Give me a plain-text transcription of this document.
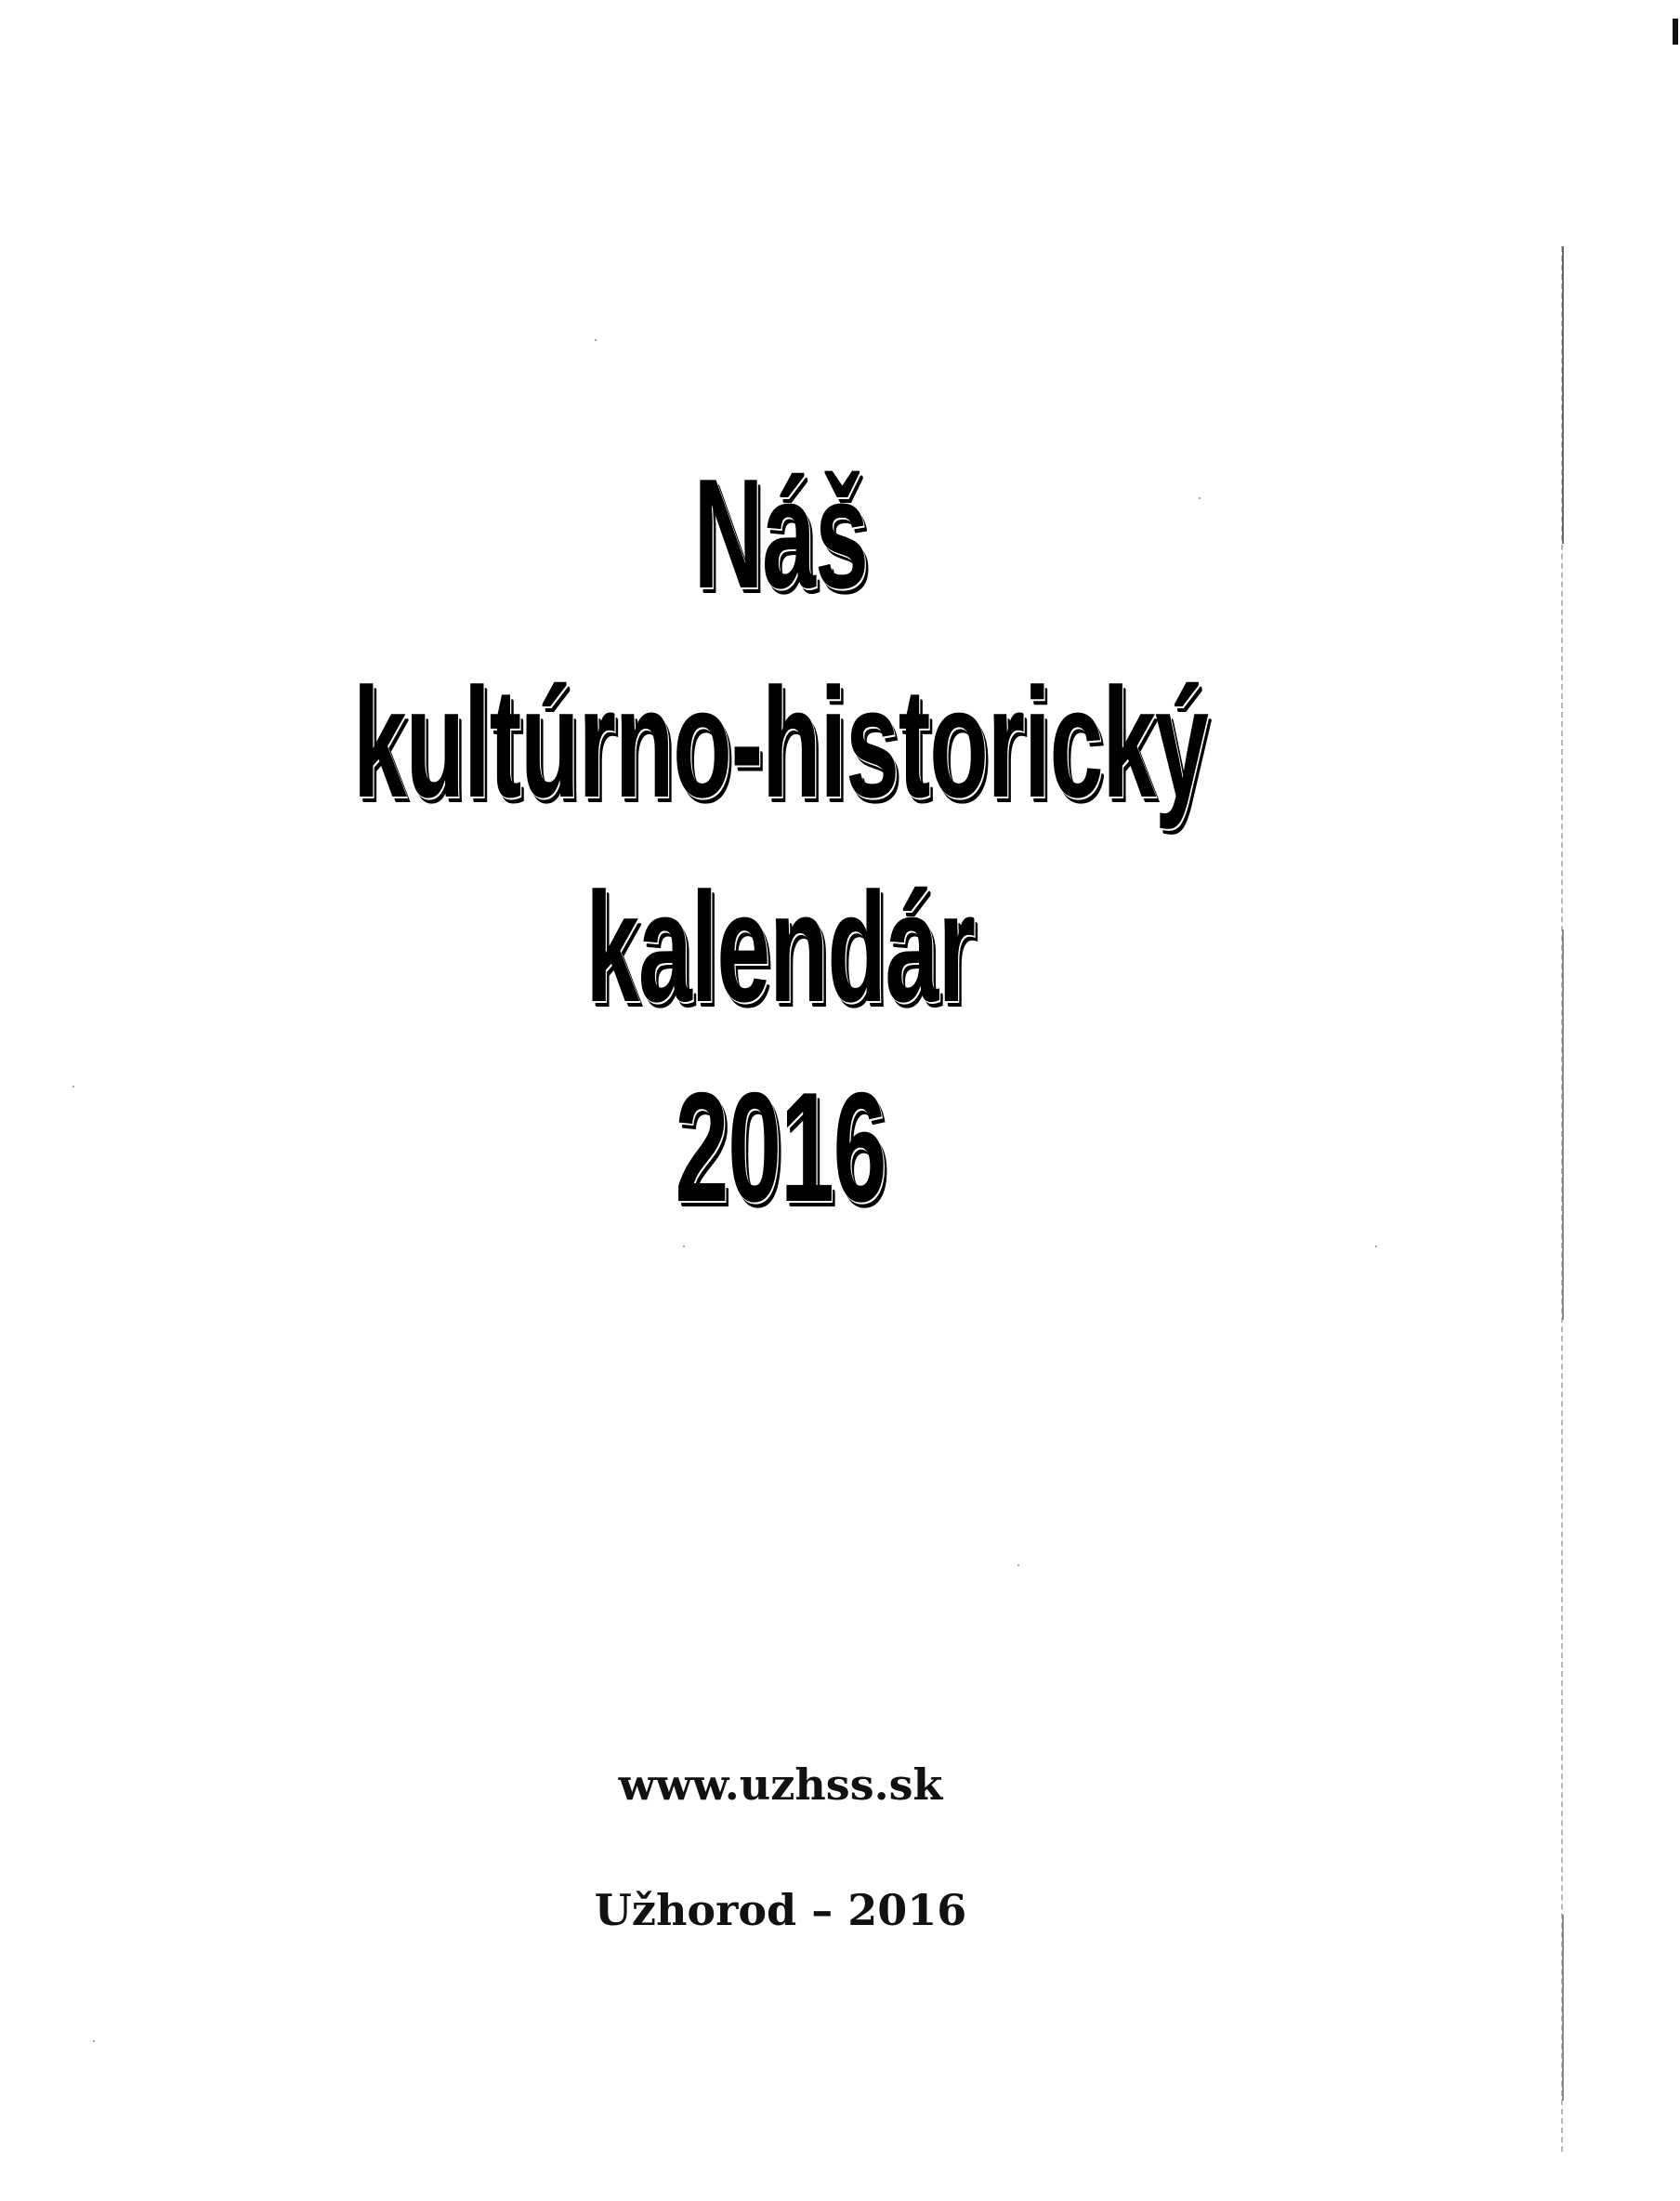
Náš
kultúrno-historický
kalendár
2016
www.uzhss.sk
Užhorod – 2016
